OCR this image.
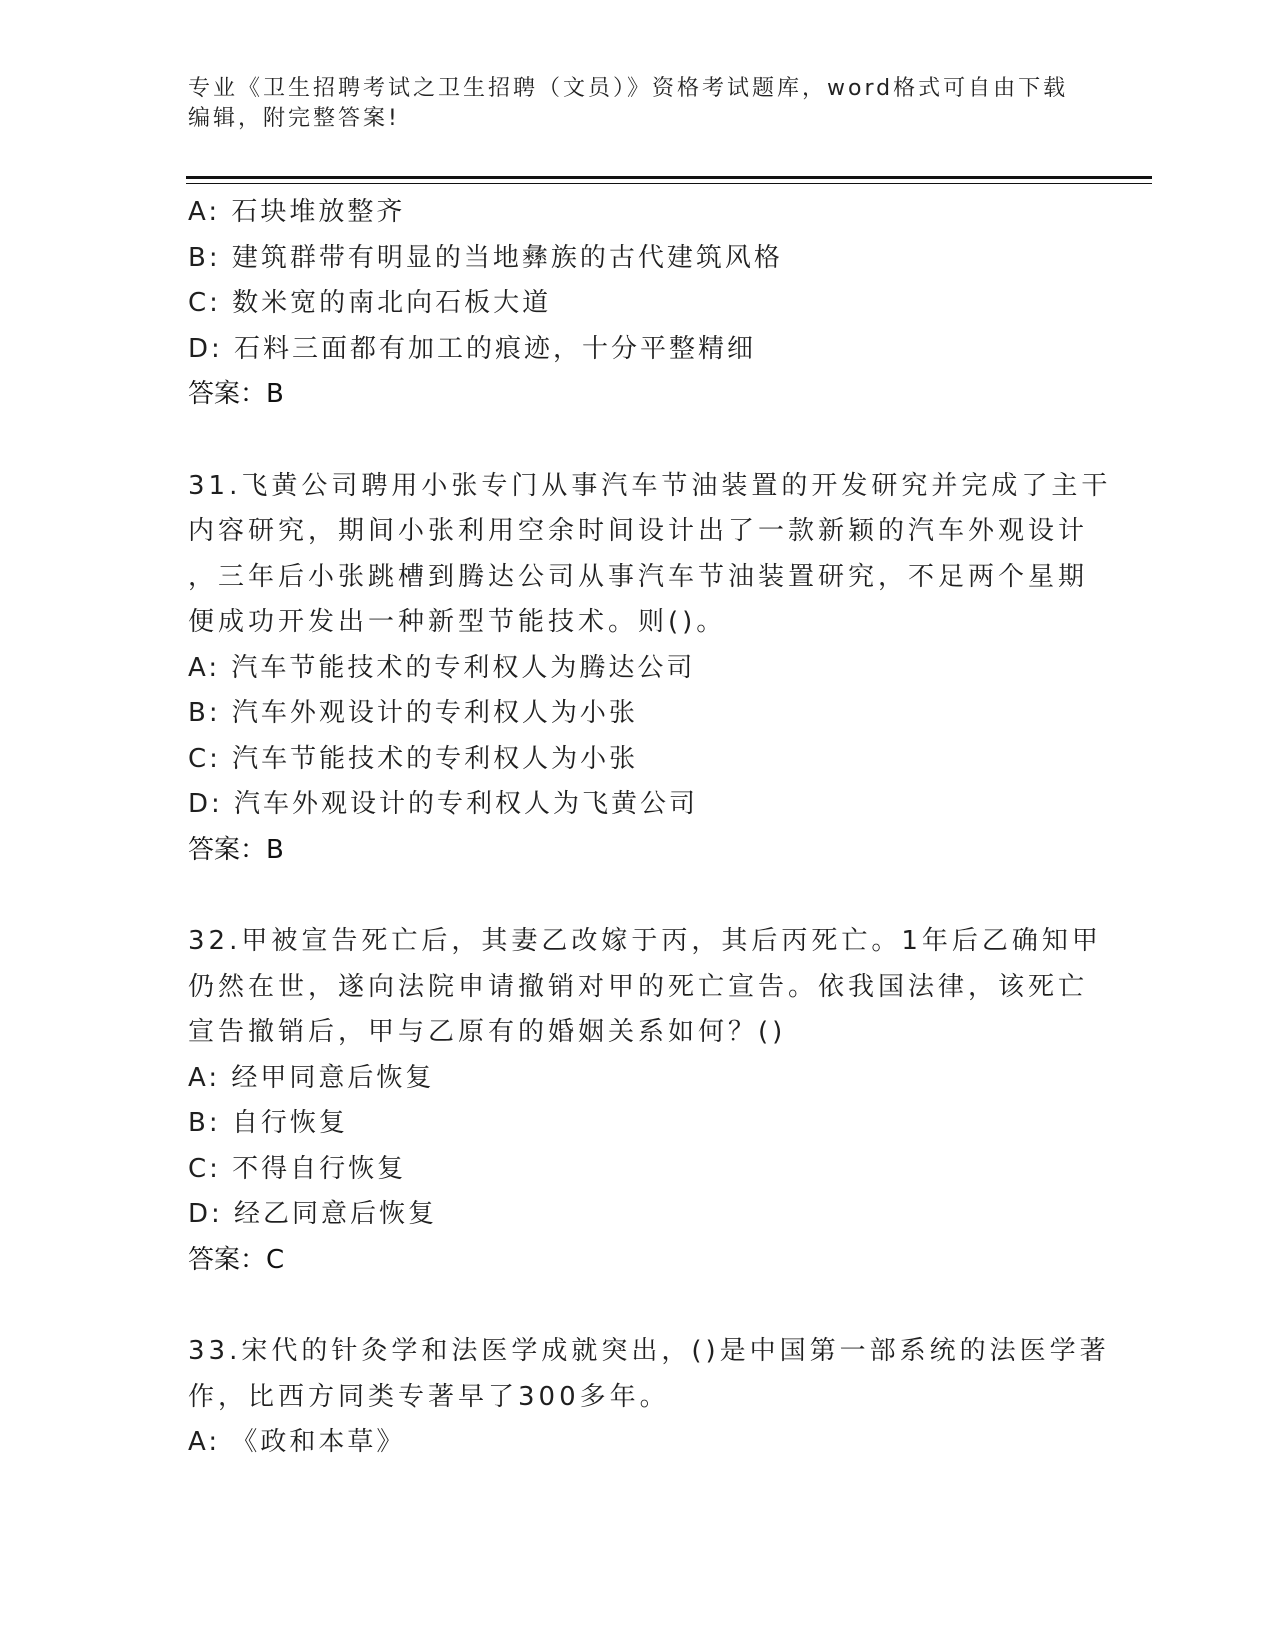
专业《卫生招聘考试之卫生招聘（文员）》资格考试题库，word格式可自由下载
编辑，附完整答案!
A: 石块堆放整齐
B: 建筑群带有明显的当地彝族的古代建筑风格
C: 数米宽的南北向石板大道
D: 石料三面都有加工的痕迹，十分平整精细
答案：B
31.飞黄公司聘用小张专门从事汽车节油装置的开发研究并完成了主干
内容研究，期间小张利用空余时间设计出了一款新颖的汽车外观设计
，三年后小张跳槽到腾达公司从事汽车节油装置研究，不足两个星期
便成功开发出一种新型节能技术。则()。
A: 汽车节能技术的专利权人为腾达公司
B: 汽车外观设计的专利权人为小张
C: 汽车节能技术的专利权人为小张
D: 汽车外观设计的专利权人为飞黄公司
答案：B
32.甲被宣告死亡后，其妻乙改嫁于丙，其后丙死亡。1年后乙确知甲
仍然在世，遂向法院申请撤销对甲的死亡宣告。依我国法律，该死亡
宣告撤销后，甲与乙原有的婚姻关系如何？()
A: 经甲同意后恢复
B: 自行恢复
C: 不得自行恢复
D: 经乙同意后恢复
答案：C
33.宋代的针灸学和法医学成就突出，()是中国第一部系统的法医学著
作，比西方同类专著早了300多年。
A: 《政和本草》
